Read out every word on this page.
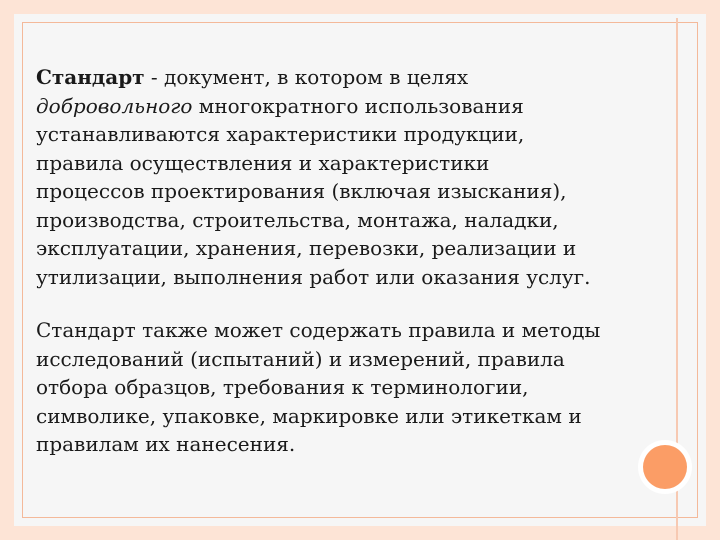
Стандарт - документ, в котором в целях
добровольного многократного использования
устанавливаются характеристики продукции,
правила осуществления и характеристики
процессов проектирования (включая изыскания),
производства, строительства, монтажа, наладки,
эксплуатации, хранения, перевозки, реализации и
утилизации, выполнения работ или оказания услуг.

Стандарт также может содержать правила и методы
исследований (испытаний) и измерений, правила
отбора образцов, требования к терминологии,
символике, упаковке, маркировке или этикеткам и
правилам их нанесения.
